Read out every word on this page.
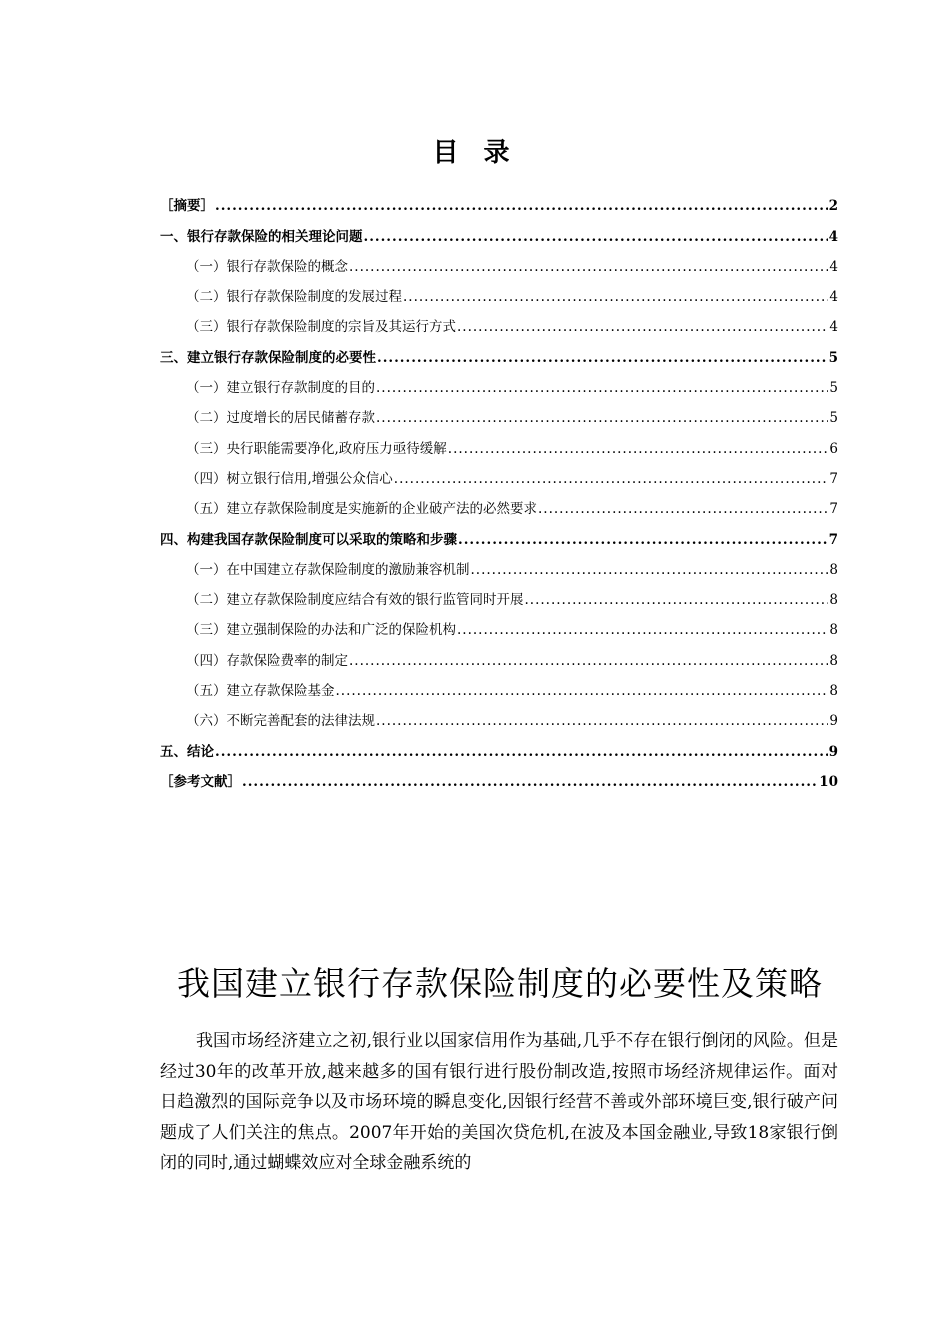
目 录
［摘要］ .....	2
一、银行存款保险的相关理论问题 .....	4
（一）银行存款保险的概念 .....	4
（二）银行存款保险制度的发展过程 .....	4
（三）银行存款保险制度的宗旨及其运行方式 .....	4
三、建立银行存款保险制度的必要性 .....	5
（一）建立银行存款制度的目的 .....	5
（二）过度增长的居民储蓄存款 .....	5
（三）央行职能需要净化,政府压力亟待缓解 .....	6
（四）树立银行信用,增强公众信心 .....	7
（五）建立存款保险制度是实施新的企业破产法的必然要求 .....	7
四、构建我国存款保险制度可以采取的策略和步骤 .....	7
（一）在中国建立存款保险制度的激励兼容机制 .....	8
（二）建立存款保险制度应结合有效的银行监管同时开展 .....	8
（三）建立强制保险的办法和广泛的保险机构 .....	8
（四）存款保险费率的制定 .....	8
（五）建立存款保险基金 .....	8
（六）不断完善配套的法律法规 .....	9
五、结论 .....	9
［参考文献］ .....	10
我国建立银行存款保险制度的必要性及策略

我国市场经济建立之初,银行业以国家信用作为基础,几乎不存在银行倒闭的风险。但是经过30年的改革开放,越来越多的国有银行进行股份制改造,按照市场经济规律运作。面对日趋激烈的国际竞争以及市场环境的瞬息变化,因银行经营不善或外部环境巨变,银行破产问题成了人们关注的焦点。2007年开始的美国次贷危机,在波及本国金融业,导致18家银行倒闭的同时,通过蝴蝶效应对全球金融系统的
